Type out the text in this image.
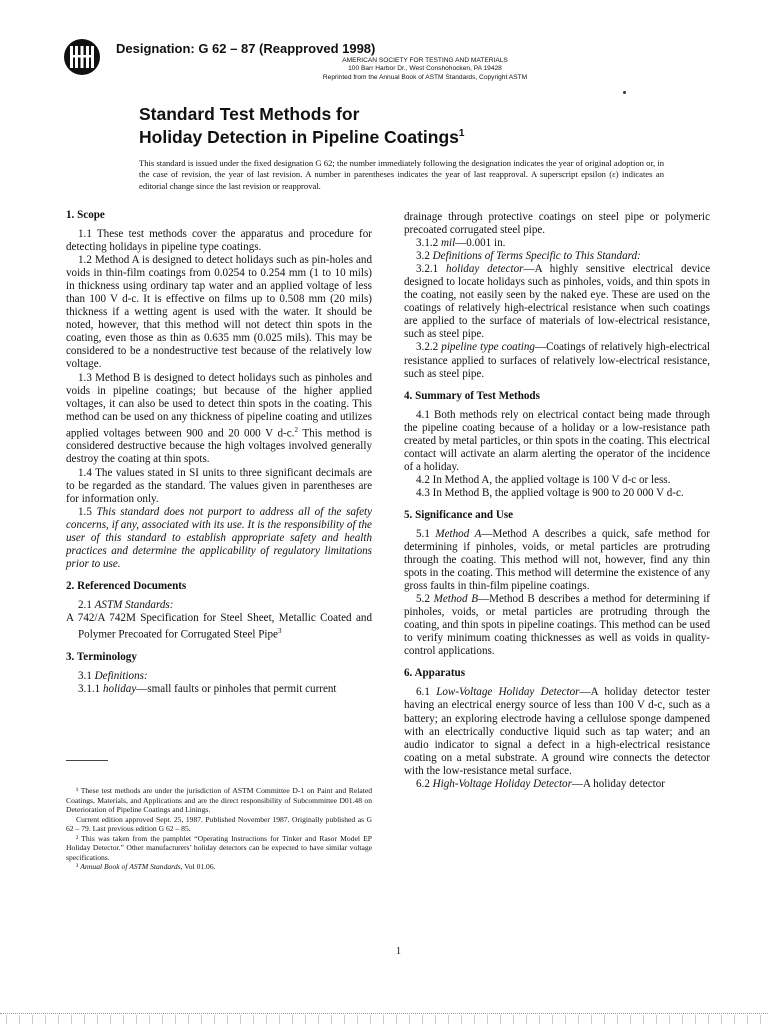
Designation: G 62 – 87 (Reapproved 1998)
AMERICAN SOCIETY FOR TESTING AND MATERIALS
100 Barr Harbor Dr., West Conshohocken, PA 19428
Reprinted from the Annual Book of ASTM Standards, Copyright ASTM
Standard Test Methods for
Holiday Detection in Pipeline Coatings$^1$
This standard is issued under the fixed designation G 62; the number immediately following the designation indicates the year of original adoption or, in the case of revision, the year of last revision. A number in parentheses indicates the year of last reapproval. A superscript epsilon (ε) indicates an editorial change since the last revision or reapproval.
1. Scope

1.1 These test methods cover the apparatus and procedure for detecting holidays in pipeline type coatings.

1.2 Method A is designed to detect holidays such as pin-holes and voids in thin-film coatings from 0.0254 to 0.254 mm (1 to 10 mils) in thickness using ordinary tap water and an applied voltage of less than 100 V d-c. It is effective on films up to 0.508 mm (20 mils) thickness if a wetting agent is used with the water. It should be noted, however, that this method will not detect thin spots in the coating, even those as thin as 0.635 mm (0.025 mils). This may be considered to be a nondestructive test because of the relatively low voltage.

1.3 Method B is designed to detect holidays such as pinholes and voids in pipeline coatings; but because of the higher applied voltages, it can also be used to detect thin spots in the coating. This method can be used on any thickness of pipeline coating and utilizes applied voltages between 900 and 20 000 V d-c.$^2$ This method is considered destructive because the high voltages involved generally destroy the coating at thin spots.

1.4 The values stated in SI units to three significant decimals are to be regarded as the standard. The values given in parentheses are for information only.

1.5 This standard does not purport to address all of the safety concerns, if any, associated with its use. It is the responsibility of the user of this standard to establish appropriate safety and health practices and determine the applicability of regulatory limitations prior to use.

2. Referenced Documents

2.1 ASTM Standards:

A 742/A 742M Specification for Steel Sheet, Metallic Coated and Polymer Precoated for Corrugated Steel Pipe$^3$

3. Terminology

3.1 Definitions:

3.1.1 holiday—small faults or pinholes that permit current

¹ These test methods are under the jurisdiction of ASTM Committee D-1 on Paint and Related Coatings, Materials, and Applications and are the direct responsibility of Subcommittee D01.48 on Deterioration of Pipeline Coatings and Linings.

Current edition approved Sept. 25, 1987. Published November 1987. Originally published as G 62 – 79. Last previous edition G 62 – 85.

² This was taken from the pamphlet “Operating Instructions for Tinker and Rasor Model EP Holiday Detector.” Other manufacturers’ holiday detectors can be expected to have similar voltage specifications.

³ Annual Book of ASTM Standards, Vol 01.06.

drainage through protective coatings on steel pipe or polymeric precoated corrugated steel pipe.

3.1.2 mil—0.001 in.

3.2 Definitions of Terms Specific to This Standard:

3.2.1 holiday detector—A highly sensitive electrical device designed to locate holidays such as pinholes, voids, and thin spots in the coating, not easily seen by the naked eye. These are used on the coatings of relatively high-electrical resistance when such coatings are applied to the surface of materials of low-electrical resistance, such as steel pipe.

3.2.2 pipeline type coating—Coatings of relatively high-electrical resistance applied to surfaces of relatively low-electrical resistance, such as steel pipe.

4. Summary of Test Methods

4.1 Both methods rely on electrical contact being made through the pipeline coating because of a holiday or a low-resistance path created by metal particles, or thin spots in the coating. This electrical contact will activate an alarm alerting the operator of the incidence of a holiday.

4.2 In Method A, the applied voltage is 100 V d-c or less.

4.3 In Method B, the applied voltage is 900 to 20 000 V d-c.

5. Significance and Use

5.1 Method A—Method A describes a quick, safe method for determining if pinholes, voids, or metal particles are protruding through the coating. This method will not, however, find any thin spots in the coating. This method will determine the existence of any gross faults in thin-film pipeline coatings.

5.2 Method B—Method B describes a method for determining if pinholes, voids, or metal particles are protruding through the coating, and thin spots in pipeline coatings. This method can be used to verify minimum coating thicknesses as well as voids in quality-control applications.

6. Apparatus

6.1 Low-Voltage Holiday Detector—A holiday detector tester having an electrical energy source of less than 100 V d-c, such as a battery; an exploring electrode having a cellulose sponge dampened with an electrically conductive liquid such as tap water; and an audio indicator to signal a defect in a high-electrical resistance coating on a metal substrate. A ground wire connects the detector with the low-resistance metal surface.

6.2 High-Voltage Holiday Detector—A holiday detector

1
